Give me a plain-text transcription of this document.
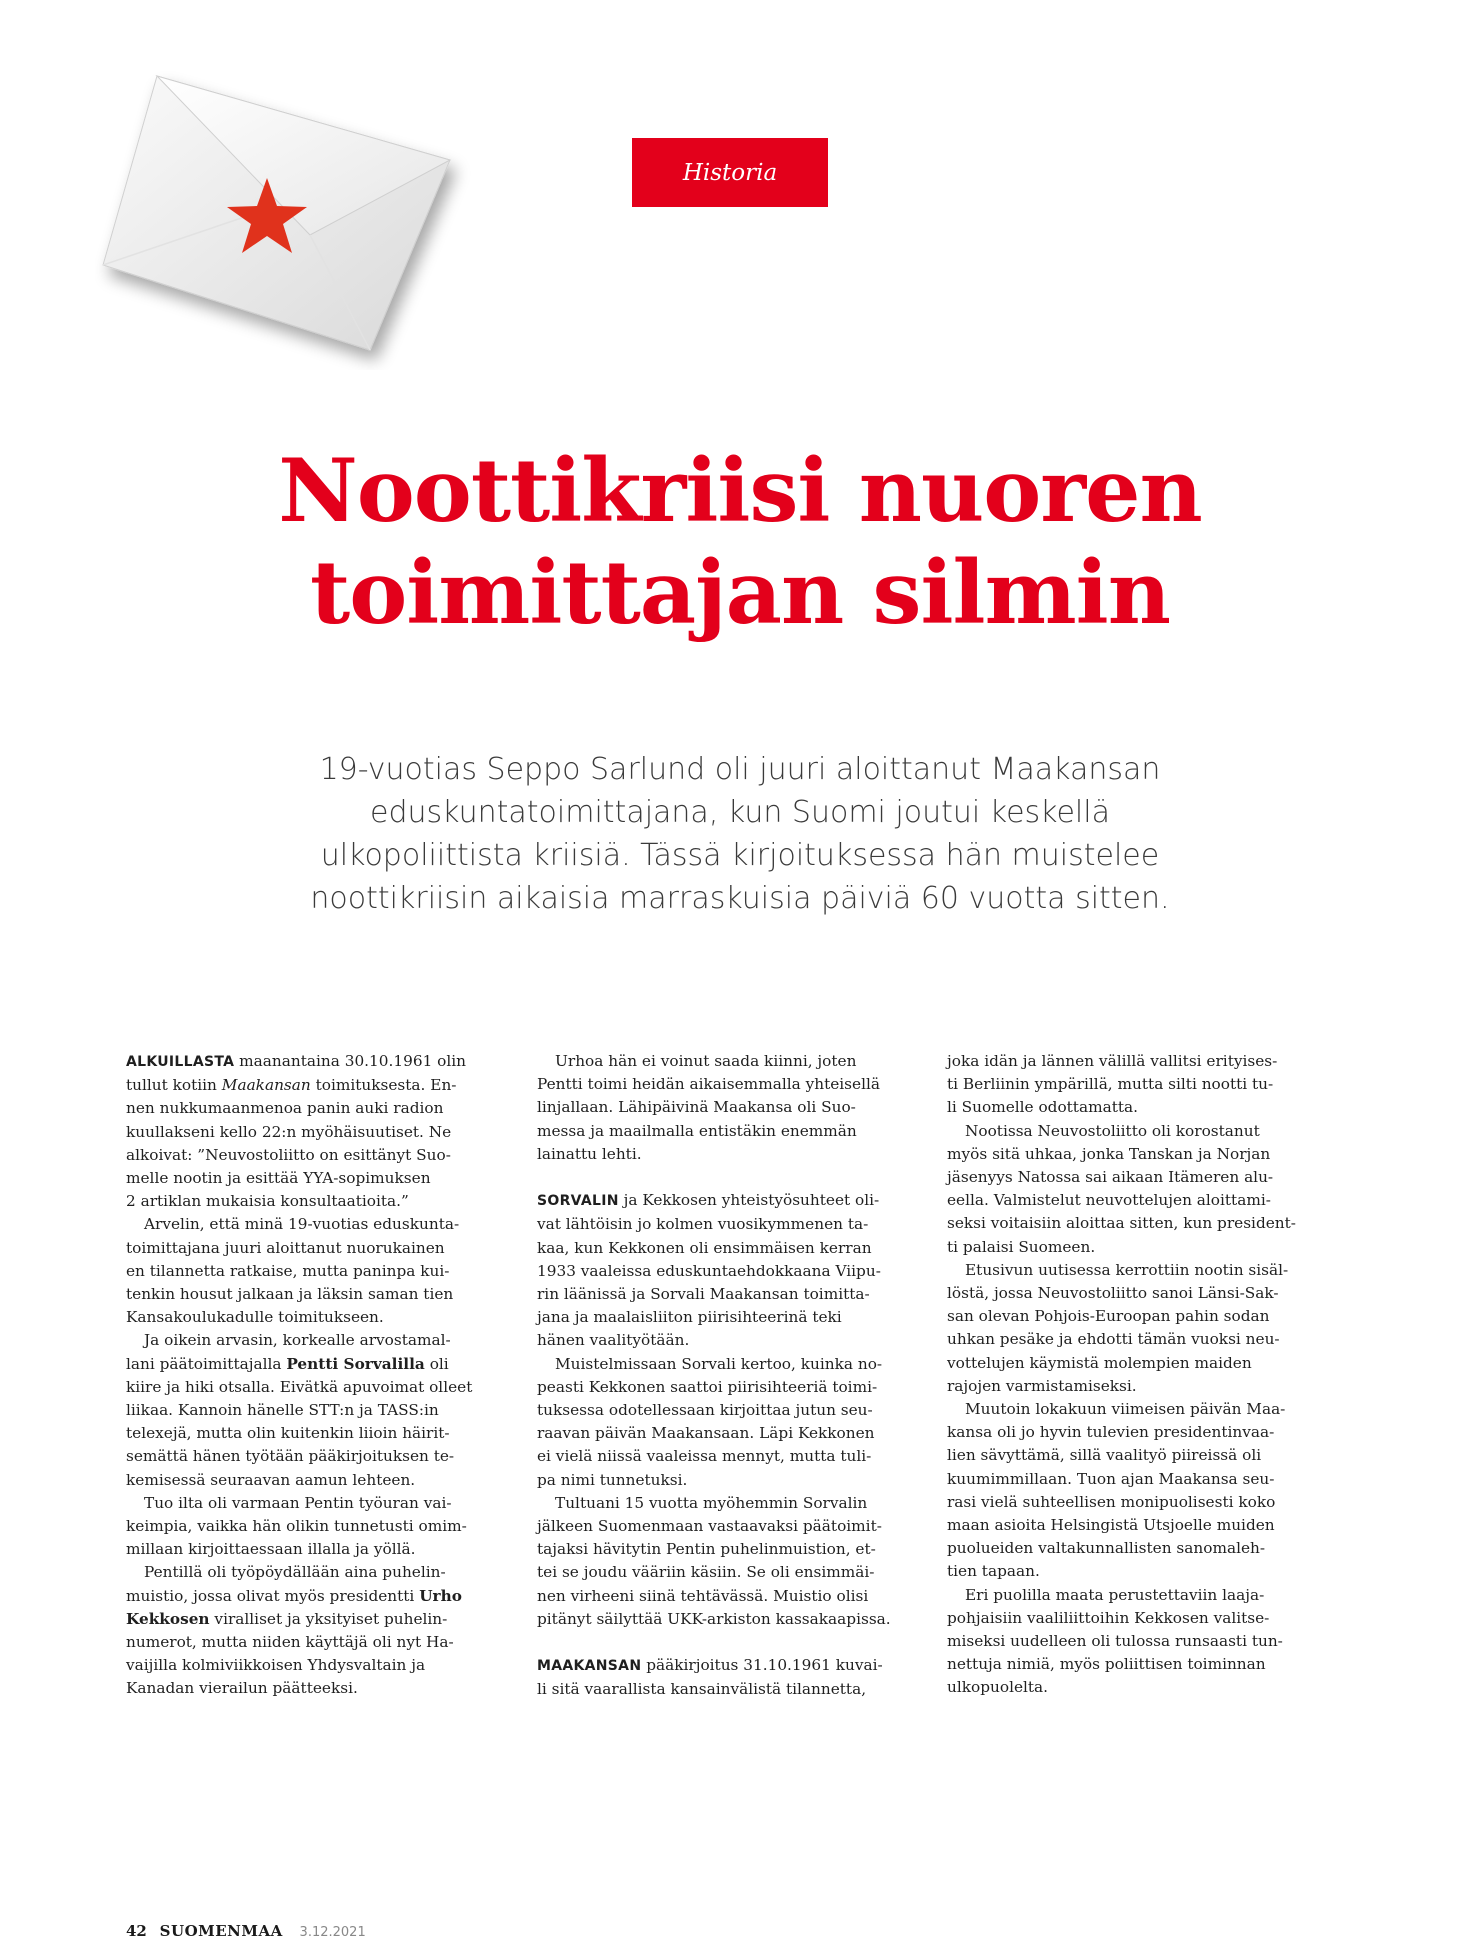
Historia
Noottikriisi nuoren
toimittajan silmin

19-vuotias Seppo Sarlund oli juuri aloittanut Maakansan
eduskuntatoimittajana, kun Suomi joutui keskellä
ulkopoliittista kriisiä. Tässä kirjoituksessa hän muistelee
noottikriisin aikaisia marraskuisia päiviä 60 vuotta sitten.

ALKUILLASTA maanantaina 30.10.1961 olin
tullut kotiin Maakansan toimituksesta. En-
nen nukkumaanmenoa panin auki radion
kuullakseni kello 22:n myöhäisuutiset. Ne
alkoivat: ”Neuvostoliitto on esittänyt Suo-
melle nootin ja esittää YYA-sopimuksen
2 artiklan mukaisia konsultaatioita.”
Arvelin, että minä 19-vuotias eduskunta-
toimittajana juuri aloittanut nuorukainen
en tilannetta ratkaise, mutta paninpa kui-
tenkin housut jalkaan ja läksin saman tien
Kansakoulukadulle toimitukseen.
Ja oikein arvasin, korkealle arvostamal-
lani päätoimittajalla Pentti Sorvalilla oli
kiire ja hiki otsalla. Eivätkä apuvoimat olleet
liikaa. Kannoin hänelle STT:n ja TASS:in
telexejä, mutta olin kuitenkin liioin häirit-
semättä hänen työtään pääkirjoituksen te-
kemisessä seuraavan aamun lehteen.
Tuo ilta oli varmaan Pentin työuran vai-
keimpia, vaikka hän olikin tunnetusti omim-
millaan kirjoittaessaan illalla ja yöllä.
Pentillä oli työpöydällään aina puhelin-
muistio, jossa olivat myös presidentti Urho
Kekkosen viralliset ja yksityiset puhelin-
numerot, mutta niiden käyttäjä oli nyt Ha-
vaijilla kolmiviikkoisen Yhdysvaltain ja
Kanadan vierailun päätteeksi.
Urhoa hän ei voinut saada kiinni, joten
Pentti toimi heidän aikaisemmalla yhteisellä
linjallaan. Lähipäivinä Maakansa oli Suo-
messa ja maailmalla entistäkin enemmän
lainattu lehti.
SORVALIN ja Kekkosen yhteistyösuhteet oli-
vat lähtöisin jo kolmen vuosikymmenen ta-
kaa, kun Kekkonen oli ensimmäisen kerran
1933 vaaleissa eduskuntaehdokkaana Viipu-
rin läänissä ja Sorvali Maakansan toimitta-
jana ja maalaisliiton piirisihteerinä teki
hänen vaalityötään.
Muistelmissaan Sorvali kertoo, kuinka no-
peasti Kekkonen saattoi piirisihteeriä toimi-
tuksessa odotellessaan kirjoittaa jutun seu-
raavan päivän Maakansaan. Läpi Kekkonen
ei vielä niissä vaaleissa mennyt, mutta tuli-
pa nimi tunnetuksi.
Tultuani 15 vuotta myöhemmin Sorvalin
jälkeen Suomenmaan vastaavaksi päätoimit-
tajaksi hävitytin Pentin puhelinmuistion, et-
tei se joudu vääriin käsiin. Se oli ensimmäi-
nen virheeni siinä tehtävässä. Muistio olisi
pitänyt säilyttää UKK-arkiston kassakaapissa.
MAAKANSAN pääkirjoitus 31.10.1961 kuvai-
li sitä vaarallista kansainvälistä tilannetta,
joka idän ja lännen välillä vallitsi erityises-
ti Berliinin ympärillä, mutta silti nootti tu-
li Suomelle odottamatta.
Nootissa Neuvostoliitto oli korostanut
myös sitä uhkaa, jonka Tanskan ja Norjan
jäsenyys Natossa sai aikaan Itämeren alu-
eella. Valmistelut neuvottelujen aloittami-
seksi voitaisiin aloittaa sitten, kun president-
ti palaisi Suomeen.
Etusivun uutisessa kerrottiin nootin sisäl-
löstä, jossa Neuvostoliitto sanoi Länsi-Sak-
san olevan Pohjois-Euroopan pahin sodan
uhkan pesäke ja ehdotti tämän vuoksi neu-
vottelujen käymistä molempien maiden
rajojen varmistamiseksi.
Muutoin lokakuun viimeisen päivän Maa-
kansa oli jo hyvin tulevien presidentinvaa-
lien sävyttämä, sillä vaalityö piireissä oli
kuumimmillaan. Tuon ajan Maakansa seu-
rasi vielä suhteellisen monipuolisesti koko
maan asioita Helsingistä Utsjoelle muiden
puolueiden valtakunnallisten sanomaleh-
tien tapaan.
Eri puolilla maata perustettaviin laaja-
pohjaisiin vaaliliittoihin Kekkosen valitse-
miseksi uudelleen oli tulossa runsaasti tun-
nettuja nimiä, myös poliittisen toiminnan
ulkopuolelta.
42 SUOMENMAA 3.12.2021
